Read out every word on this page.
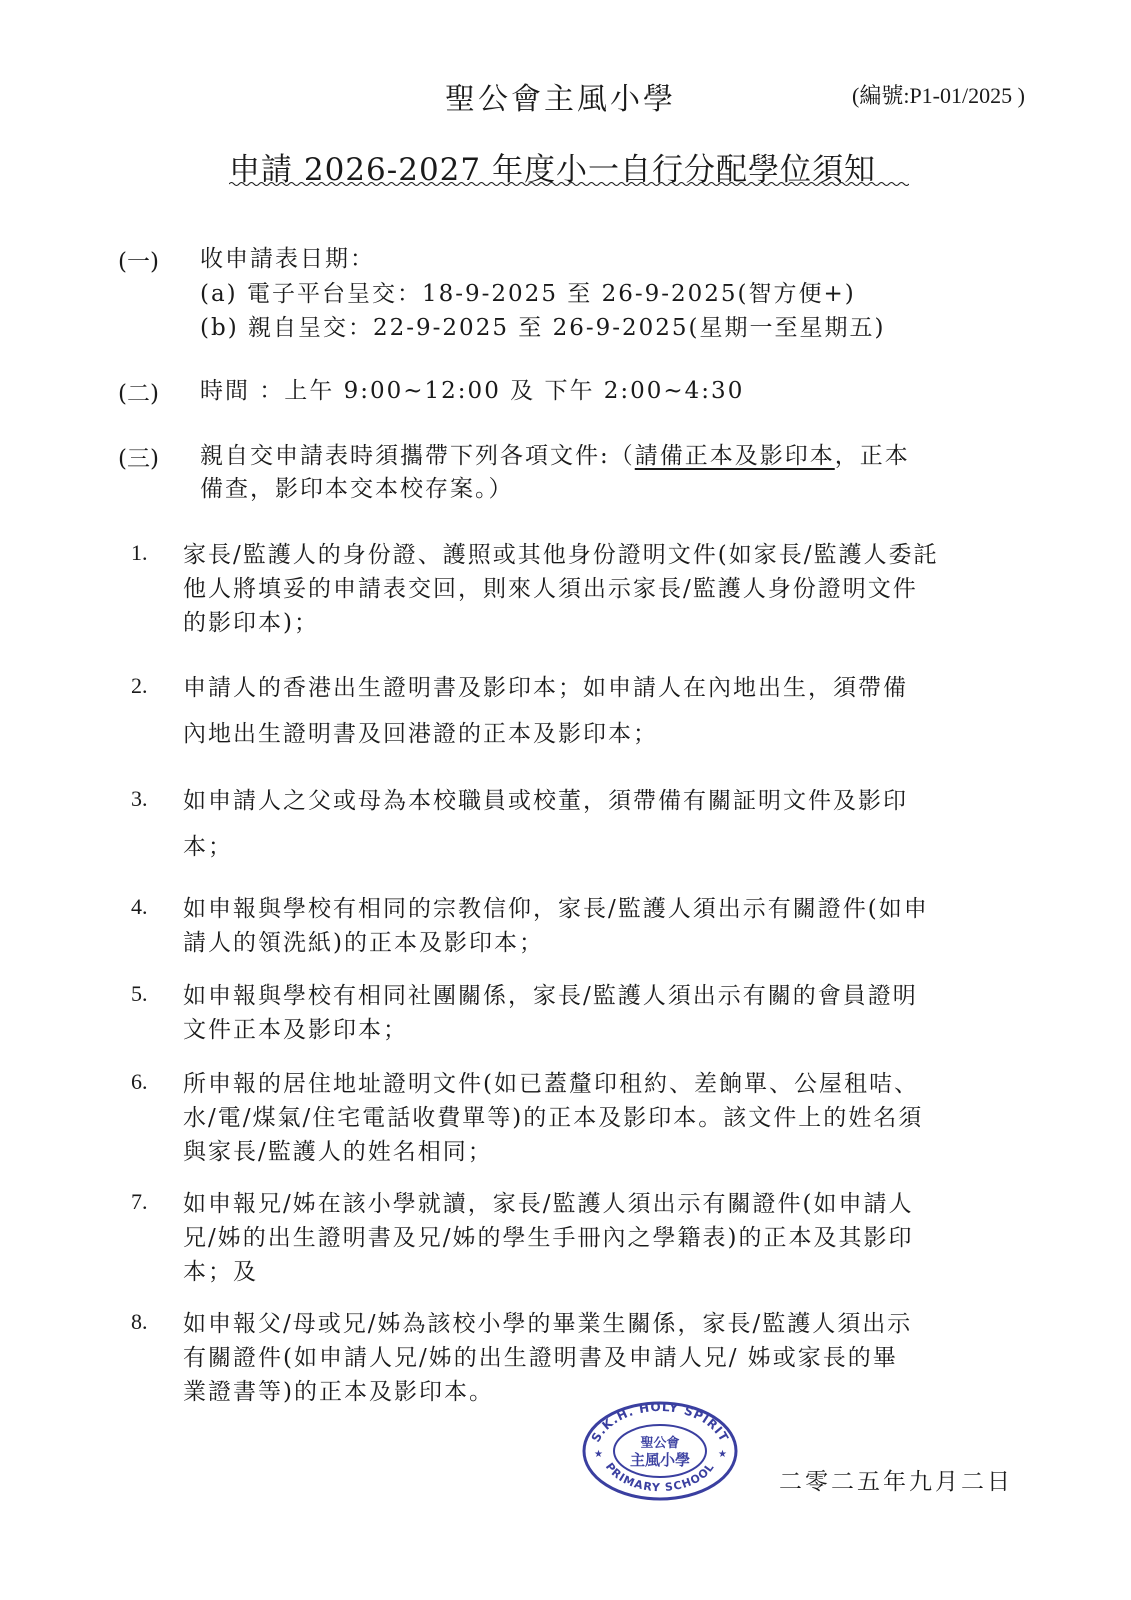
聖公會主風小學	(編號:P1-01/2025 )
申請 2026-2027 年度小一自行分配學位須知
(一) 收申請表日期：
(a) 電子平台呈交：18-9-2025 至 26-9-2025(智方便+)
(b) 親自呈交：22-9-2025 至 26-9-2025(星期一至星期五)
(二) 時間 ：上午 9:00~12:00 及 下午 2:00~4:30
(三) 親自交申請表時須攜帶下列各項文件:（請備正本及影印本，正本
備查，影印本交本校存案。）
1. 家長/監護人的身份證、護照或其他身份證明文件(如家長/監護人委託
他人將填妥的申請表交回，則來人須出示家長/監護人身份證明文件
的影印本)；
2. 申請人的香港出生證明書及影印本；如申請人在內地出生，須帶備
內地出生證明書及回港證的正本及影印本；
3. 如申請人之父或母為本校職員或校董，須帶備有關証明文件及影印
本；
4. 如申報與學校有相同的宗教信仰，家長/監護人須出示有關證件(如申
請人的領洗紙)的正本及影印本；
5. 如申報與學校有相同社團關係，家長/監護人須出示有關的會員證明
文件正本及影印本；
6. 所申報的居住地址證明文件(如已蓋釐印租約、差餉單、公屋租咭、
水/電/煤氣/住宅電話收費單等)的正本及影印本。該文件上的姓名須
與家長/監護人的姓名相同；
7. 如申報兄/姊在該小學就讀，家長/監護人須出示有關證件(如申請人
兄/姊的出生證明書及兄/姊的學生手冊內之學籍表)的正本及其影印
本；及
8. 如申報父/母或兄/姊為該校小學的畢業生關係，家長/監護人須出示
有關證件(如申請人兄/姊的出生證明書及申請人兄/ 姊或家長的畢
業證書等)的正本及影印本。
S.K.H. HOLY SPIRIT
PRIMARY SCHOOL
聖公會
主風小學
★	★
二零二五年九月二日
